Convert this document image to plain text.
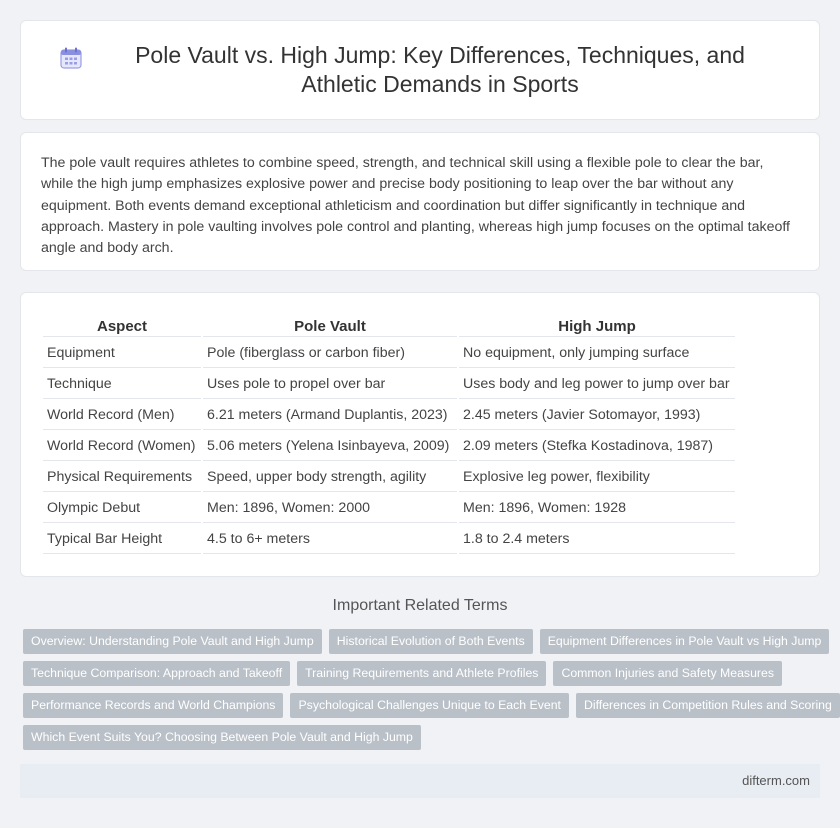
Pole Vault vs. High Jump: Key Differences, Techniques, and Athletic Demands in Sports

The pole vault requires athletes to combine speed, strength, and technical skill using a flexible pole to clear the bar, while the high jump emphasizes explosive power and precise body positioning to leap over the bar without any equipment. Both events demand exceptional athleticism and coordination but differ significantly in technique and approach. Mastery in pole vaulting involves pole control and planting, whereas high jump focuses on the optimal takeoff angle and body arch.

Aspect	Pole Vault	High Jump
Equipment	Pole (fiberglass or carbon fiber)	No equipment, only jumping surface
Technique	Uses pole to propel over bar	Uses body and leg power to jump over bar
World Record (Men)	6.21 meters (Armand Duplantis, 2023)	2.45 meters (Javier Sotomayor, 1993)
World Record (Women)	5.06 meters (Yelena Isinbayeva, 2009)	2.09 meters (Stefka Kostadinova, 1987)
Physical Requirements	Speed, upper body strength, agility	Explosive leg power, flexibility
Olympic Debut	Men: 1896, Women: 2000	Men: 1896, Women: 1928
Typical Bar Height	4.5 to 6+ meters	1.8 to 2.4 meters
Important Related Terms
Overview: Understanding Pole Vault and High Jump	Historical Evolution of Both Events	Equipment Differences in Pole Vault vs High Jump
Technique Comparison: Approach and Takeoff	Training Requirements and Athlete Profiles	Common Injuries and Safety Measures
Performance Records and World Champions	Psychological Challenges Unique to Each Event	Differences in Competition Rules and Scoring
Which Event Suits You? Choosing Between Pole Vault and High Jump
difterm.com
